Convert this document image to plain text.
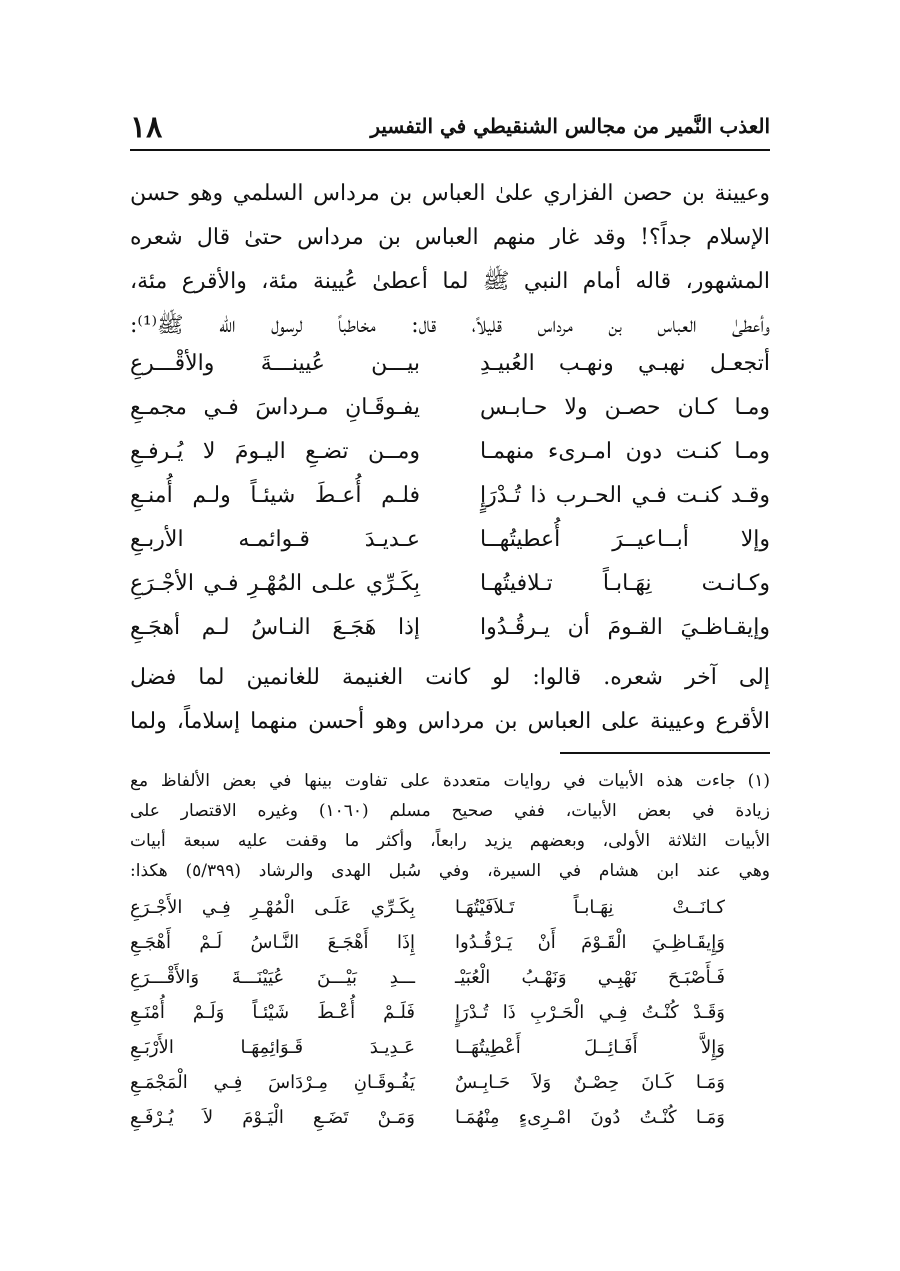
١٨	العذب النَّمير من مجالس الشنقيطي في التفسير
وعيينة بن حصن الفزاري علىٰ العباس بن مرداس السلمي وهو حسن
الإسلام جداً؟! وقد غار منهم العباس بن مرداس حتىٰ قال شعره
المشهور، قاله أمام النبي ﷺ لما أعطىٰ عُيينة مئة، والأقرع مئة،
وأعطىٰ العباس بن مرداس قليلاً، قال: مخاطباً لرسول الله ﷺ⁽¹⁾:
أتجعـل نهبـي ونهـب العُبيـدِ
بيـــن عُيينـــةَ والأقْـــرعِ
ومـا كـان حصـن ولا حـابـس
يفـوقَـانِ مـرداسَ فـي مجمـعِ
ومـا كنـت دون امـرىء منهمـا
ومــن تضـعِ اليـومَ لا يُـرفـعِ
وقـد كنـت فـي الحـرب ذا تُـدْرَإٍ
فلـم أُعـطَ شيئـاً ولـم أُمنـعِ
وإلا أبــاعيــرَ أُعطيتُهــا
عـديـدَ قـوائمـه الأربـعِ
وكـانـت نِهَـابـاً تـلافيتُهـا
بِكَـرِّي علـى المُهْـرِ فـي الأجْـرَعِ
وإيقـاظـيَ القـومَ أن يـرقُـدُوا
إذا هَجَـعَ النـاسُ لـم أهجَـعِ
إلى آخر شعره. قالوا: لو كانت الغنيمة للغانمين لما فضل
الأقرع وعيينة على العباس بن مرداس وهو أحسن منهما إسلاماً، ولما
(١)
جاءت هذه الأبيات في روايات متعددة على تفاوت بينها في بعض الألفاظ مع
زيادة في بعض الأبيات، ففي صحيح مسلم (١٠٦٠) وغيره الاقتصار على
الأبيات الثلاثة الأولى، وبعضهم يزيد رابعاً، وأكثر ما وقفت عليه سبعة أبيات
وهي عند ابن هشام في السيرة، وفي سُبل الهدى والرشاد (٥/٣٩٩) هكذا:
كـانَــتْ نِهَـابـاً تَـلاَفَيْتُهَـا
بِكَـرِّي عَلَـى الْمُهْـرِ فِـي الأَجْـرَعِ
وَإِيقَـاظِـيَ الْقَـوْمَ أَنْ يَـرْقُـدُوا
إِذَا أَهْجَـعَ النَّـاسُ لَـمْ أَهْجَـعِ
فَـأَصْبَـحَ نَهْبِـي وَنَهْـبُ الْعُبَيْـ
ـــدِ بَيْـــنَ عُيَيْنَـــةَ وَالأَقْـــرَعِ
وَقَـدْ كُنْـتُ فِـي الْحَـرْبِ ذَا تُـدْرَإٍ
فَلَـمْ أُعْـطَ شَيْئـاً وَلَـمْ أُمْنَـعِ
وَإِلاَّ أَفَـائِــلَ أَعْطِيتُهَــا
عَـدِيـدَ قَـوَائِمِهَـا الأَرْبَـعِ
وَمَـا كَـانَ حِصْـنٌ وَلاَ حَـابِـسٌ
يَفُـوقَـانِ مِـرْدَاسَ فِـي الْمَجْمَـعِ
وَمَـا كُنْـتُ دُونَ امْـرِىءٍ مِنْهُمَـا
وَمَـنْ تَضَـعِ الْيَـوْمَ لاَ يُـرْفَـعِ
